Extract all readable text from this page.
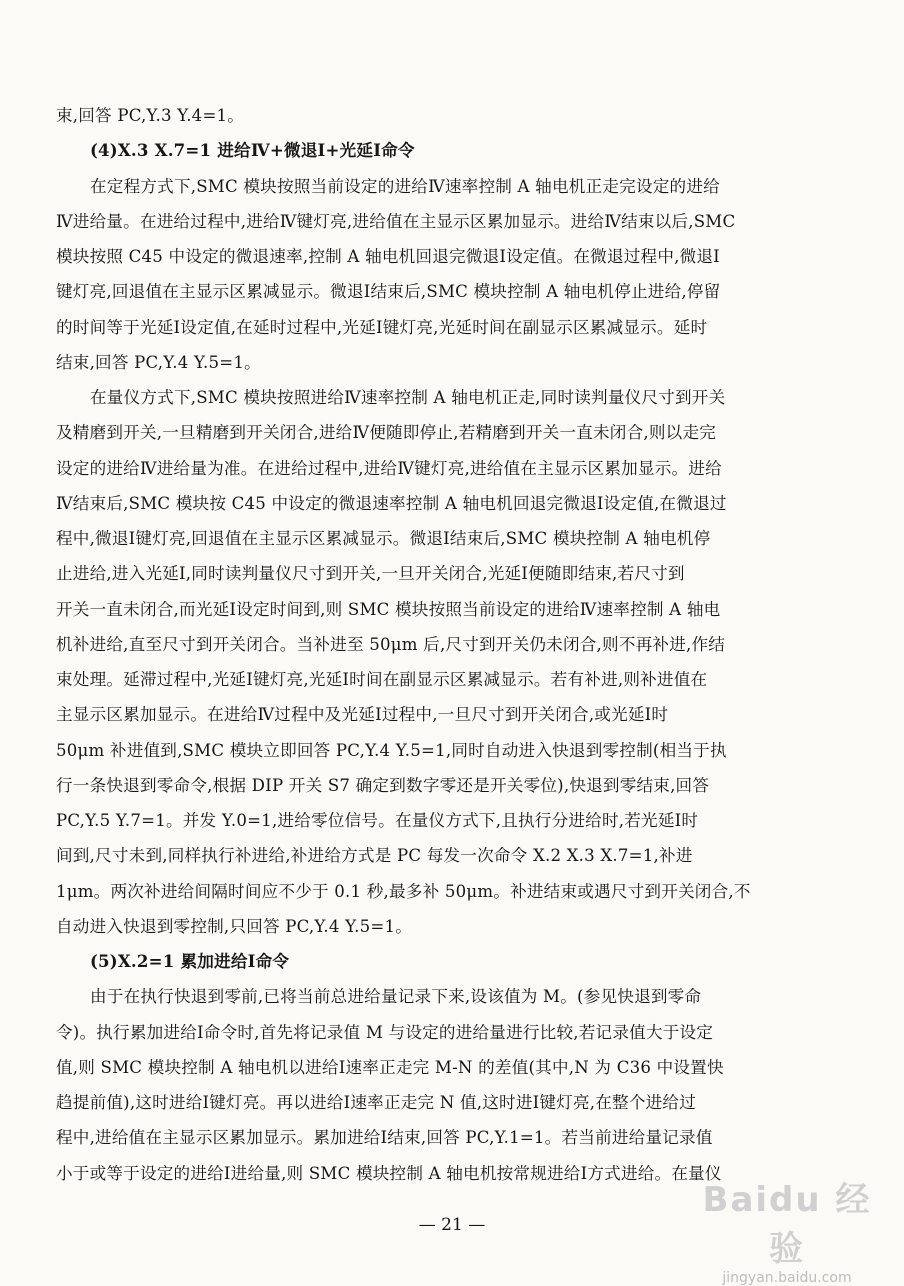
束,回答 PC,Y.3 Y.4=1。
(4)X.3 X.7=1 进给Ⅳ+微退Ⅰ+光延Ⅰ命令
在定程方式下,SMC 模块按照当前设定的进给Ⅳ速率控制 A 轴电机正走完设定的进给
Ⅳ进给量。在进给过程中,进给Ⅳ键灯亮,进给值在主显示区累加显示。进给Ⅳ结束以后,SMC
模块按照 C45 中设定的微退速率,控制 A 轴电机回退完微退Ⅰ设定值。在微退过程中,微退Ⅰ
键灯亮,回退值在主显示区累减显示。微退Ⅰ结束后,SMC 模块控制 A 轴电机停止进给,停留
的时间等于光延Ⅰ设定值,在延时过程中,光延Ⅰ键灯亮,光延时间在副显示区累减显示。延时
结束,回答 PC,Y.4 Y.5=1。
在量仪方式下,SMC 模块按照进给Ⅳ速率控制 A 轴电机正走,同时读判量仪尺寸到开关
及精磨到开关,一旦精磨到开关闭合,进给Ⅳ便随即停止,若精磨到开关一直未闭合,则以走完
设定的进给Ⅳ进给量为准。在进给过程中,进给Ⅳ键灯亮,进给值在主显示区累加显示。进给
Ⅳ结束后,SMC 模块按 C45 中设定的微退速率控制 A 轴电机回退完微退Ⅰ设定值,在微退过
程中,微退Ⅰ键灯亮,回退值在主显示区累减显示。微退Ⅰ结束后,SMC 模块控制 A 轴电机停
止进给,进入光延Ⅰ,同时读判量仪尺寸到开关,一旦开关闭合,光延Ⅰ便随即结束,若尺寸到
开关一直未闭合,而光延Ⅰ设定时间到,则 SMC 模块按照当前设定的进给Ⅳ速率控制 A 轴电
机补进给,直至尺寸到开关闭合。当补进至 50μm 后,尺寸到开关仍未闭合,则不再补进,作结
束处理。延滞过程中,光延Ⅰ键灯亮,光延Ⅰ时间在副显示区累减显示。若有补进,则补进值在
主显示区累加显示。在进给Ⅳ过程中及光延Ⅰ过程中,一旦尺寸到开关闭合,或光延Ⅰ时
50μm 补进值到,SMC 模块立即回答 PC,Y.4 Y.5=1,同时自动进入快退到零控制(相当于执
行一条快退到零命令,根据 DIP 开关 S7 确定到数字零还是开关零位),快退到零结束,回答
PC,Y.5 Y.7=1。并发 Y.0=1,进给零位信号。在量仪方式下,且执行分进给时,若光延Ⅰ时
间到,尺寸未到,同样执行补进给,补进给方式是 PC 每发一次命令 X.2 X.3 X.7=1,补进
1μm。两次补进给间隔时间应不少于 0.1 秒,最多补 50μm。补进结束或遇尺寸到开关闭合,不
自动进入快退到零控制,只回答 PC,Y.4 Y.5=1。
(5)X.2=1 累加进给Ⅰ命令
由于在执行快退到零前,已将当前总进给量记录下来,设该值为 M。(参见快退到零命
令)。执行累加进给Ⅰ命令时,首先将记录值 M 与设定的进给量进行比较,若记录值大于设定
值,则 SMC 模块控制 A 轴电机以进给Ⅰ速率正走完 M-N 的差值(其中,N 为 C36 中设置快
趋提前值),这时进给Ⅰ键灯亮。再以进给Ⅰ速率正走完 N 值,这时进Ⅰ键灯亮,在整个进给过
程中,进给值在主显示区累加显示。累加进给Ⅰ结束,回答 PC,Y.1=1。若当前进给量记录值
小于或等于设定的进给Ⅰ进给量,则 SMC 模块控制 A 轴电机按常规进给Ⅰ方式进给。在量仪
— 21 —
Baidu 经验
jingyan.baidu.com
